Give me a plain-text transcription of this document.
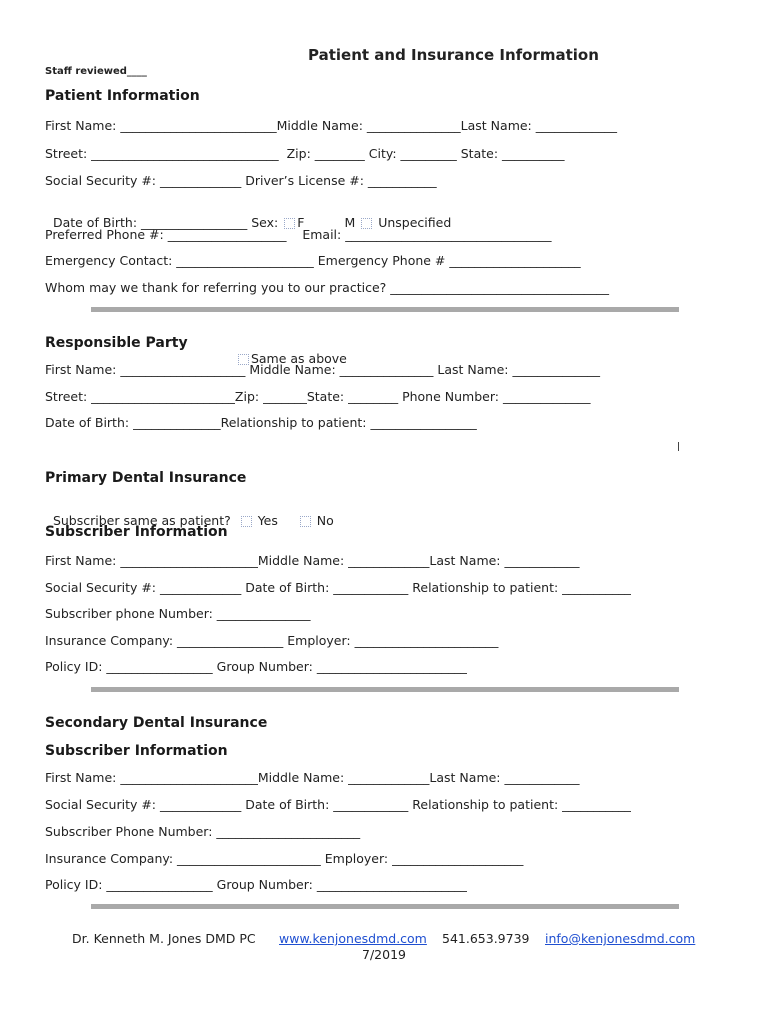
Patient and Insurance Information
Staff reviewed____
Patient Information
First Name: _________________________Middle Name: _______________Last Name: _____________
Street: ______________________________  Zip: ________ City: _________ State: __________
Social Security #: _____________ Driver’s License #: ___________

Date of Birth: _________________ Sex: F	M Unspecified

Preferred Phone #: ___________________    Email: _________________________________
Emergency Contact: ______________________ Emergency Phone # _____________________
Whom may we thank for referring you to our practice? ___________________________________
Responsible Party

Same as above

First Name: ____________________ Middle Name: _______________ Last Name: ______________
Street: _______________________Zip: _______State: ________ Phone Number: ______________
Date of Birth: ______________Relationship to patient: _________________
Primary Dental Insurance

Subscriber same as patient? Yes	No

Subscriber Information
First Name: ______________________Middle Name: _____________Last Name: ____________
Social Security #: _____________ Date of Birth: ____________ Relationship to patient: ___________
Subscriber phone Number: _______________
Insurance Company: _________________ Employer: _______________________
Policy ID: _________________ Group Number: ________________________
Secondary Dental Insurance
Subscriber Information
First Name: ______________________Middle Name: _____________Last Name: ____________
Social Security #: _____________ Date of Birth: ____________ Relationship to patient: ___________
Subscriber Phone Number: _______________________
Insurance Company: _______________________ Employer: _____________________
Policy ID: _________________ Group Number: ________________________
Dr. Kenneth M. Jones DMD PC www.kenjonesdmd.com 541.653.9739 info@kenjonesdmd.com
7/2019
